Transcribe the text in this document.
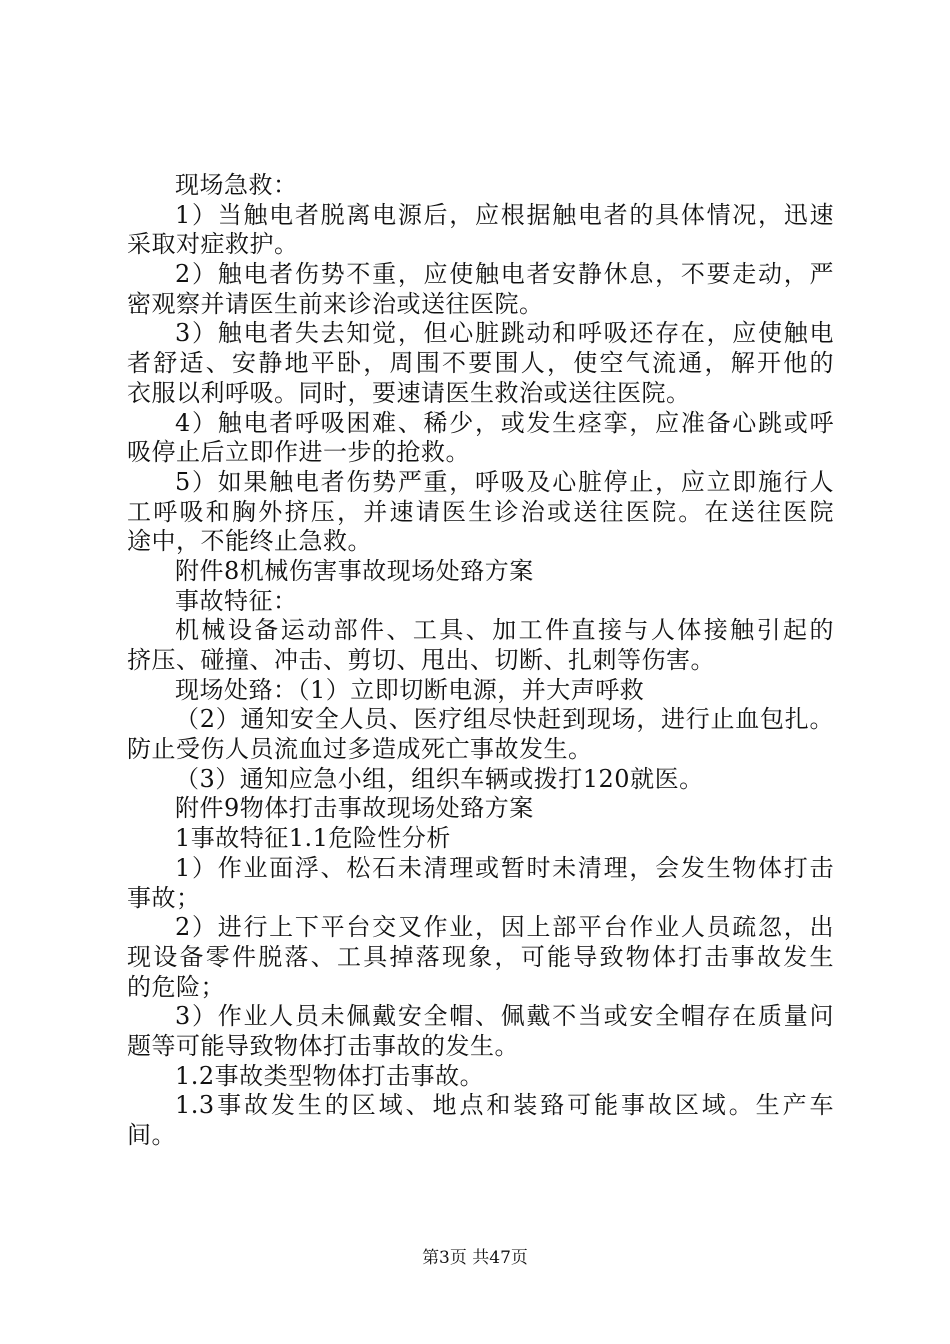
现场急救：
1）当触电者脱离电源后，应根据触电者的具体情况，迅速
采取对症救护。
2）触电者伤势不重，应使触电者安静休息，不要走动，严
密观察并请医生前来诊治或送往医院。
3）触电者失去知觉，但心脏跳动和呼吸还存在，应使触电
者舒适、安静地平卧，周围不要围人，使空气流通，解开他的
衣服以利呼吸。同时，要速请医生救治或送往医院。
4）触电者呼吸困难、稀少，或发生痉挛，应准备心跳或呼
吸停止后立即作进一步的抢救。
5）如果触电者伤势严重，呼吸及心脏停止，应立即施行人
工呼吸和胸外挤压，并速请医生诊治或送往医院。在送往医院
途中，不能终止急救。
附件8机械伤害事故现场处臵方案
事故特征：
机械设备运动部件、工具、加工件直接与人体接触引起的
挤压、碰撞、冲击、剪切、甩出、切断、扎刺等伤害。
现场处臵：（1）立即切断电源，并大声呼救
（2）通知安全人员、医疗组尽快赶到现场，进行止血包扎。
防止受伤人员流血过多造成死亡事故发生。
（3）通知应急小组，组织车辆或拨打120就医。
附件9物体打击事故现场处臵方案
1事故特征1.1危险性分析
1）作业面浮、松石未清理或暂时未清理，会发生物体打击
事故；
2）进行上下平台交叉作业，因上部平台作业人员疏忽，出
现设备零件脱落、工具掉落现象，可能导致物体打击事故发生
的危险；
3）作业人员未佩戴安全帽、佩戴不当或安全帽存在质量问
题等可能导致物体打击事故的发生。
1.2事故类型物体打击事故。
1.3事故发生的区域、地点和装臵可能事故区域。生产车
间。
第3页 共47页
